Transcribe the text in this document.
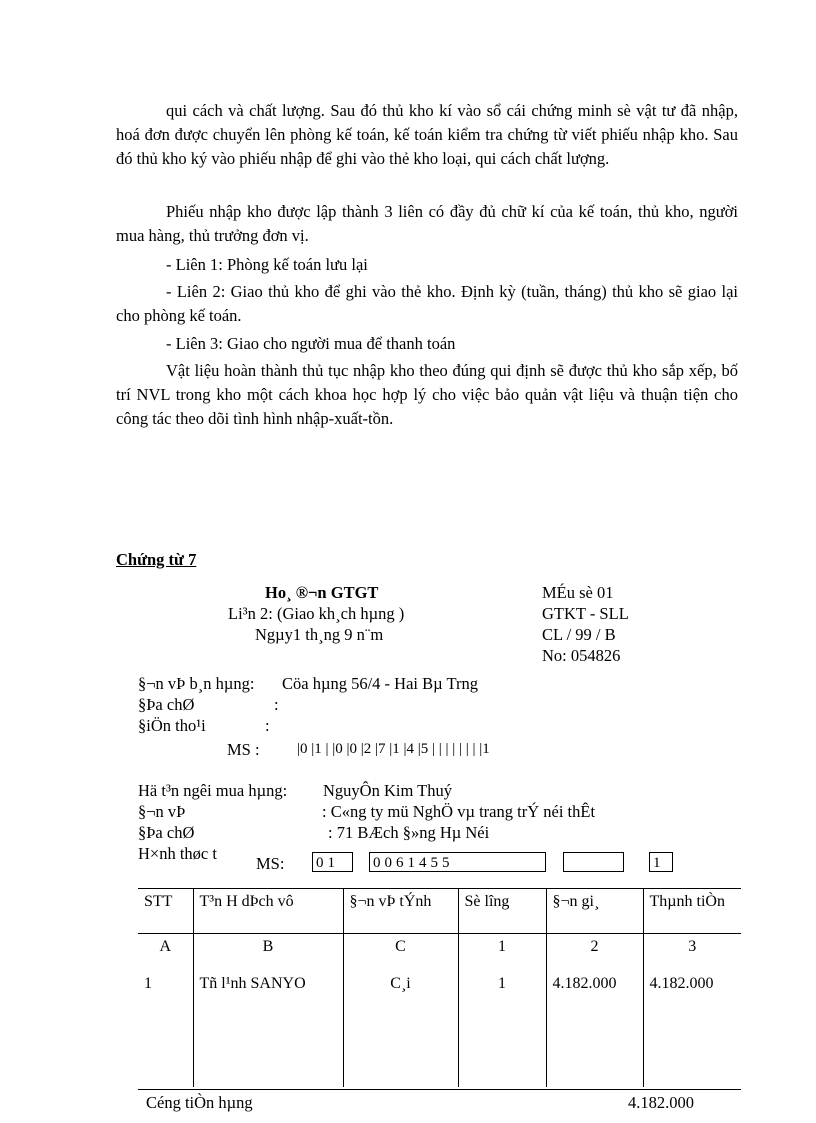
qui cách và chất lượng. Sau đó thủ kho kí vào sổ cái chứng minh sè vật tư đã nhập, hoá đơn được chuyển lên phòng kế toán, kế toán kiểm tra chứng từ viết phiếu nhập kho. Sau đó thủ kho ký vào phiếu nhập để ghi vào thẻ kho loại, qui cách chất lượng.
Phiếu nhập kho được lập thành 3 liên có đầy đủ chữ kí của kế toán, thủ kho, người mua hàng, thủ trưởng đơn vị.
- Liên 1: Phòng kế toán lưu lại
- Liên 2: Giao thủ kho để ghi vào thẻ kho. Định kỳ (tuần, tháng) thủ kho sẽ giao lại cho phòng kế toán.
- Liên 3: Giao cho người mua để thanh toán
Vật liệu hoàn thành thủ tục nhập kho theo đúng qui định sẽ được thủ kho sắp xếp, bố trí NVL trong kho một cách khoa học hợp lý cho việc bảo quản vật liệu và thuận tiện cho công tác theo dõi tình hình nhập-xuất-tồn.
Chứng từ 7
Ho¸ ®¬n GTGT
Li³n 2: (Giao kh¸ch hµng )
Ngµy1 th¸ng 9 n¨m
MÉu sè 01
GTKT - SLL
CL / 99 / B
No: 054826
§¬n vÞ b¸n hµng: Cöa hµng 56/4 - Hai Bµ Trng
§Þa chØ	:
§iÖn tho¹i	:
MS : |0 |1 | |0 |0 |2 |7 |1 |4 |5 | | | | | | | |1
Hä t³n ngêi mua hµng: NguyÔn Kim Thuý
§¬n vÞ	: C«ng ty mü NghÖ vµ trang trÝ néi thÊt
§Þa chØ	: 71 BÆch §»ng Hµ Néi
H×nh thøc t
MS: 01	0061455	1
STT	T³n H dÞch vô	§¬n vÞ tÝnh	Sè lîng	§¬n gi¸	Thµnh tiÒn
A	B	C	1	2	3
1	Tñ l¹nh SANYO	C¸i	1	4.182.000	4.182.000
Céng tiÒn hµng	4.182.000
